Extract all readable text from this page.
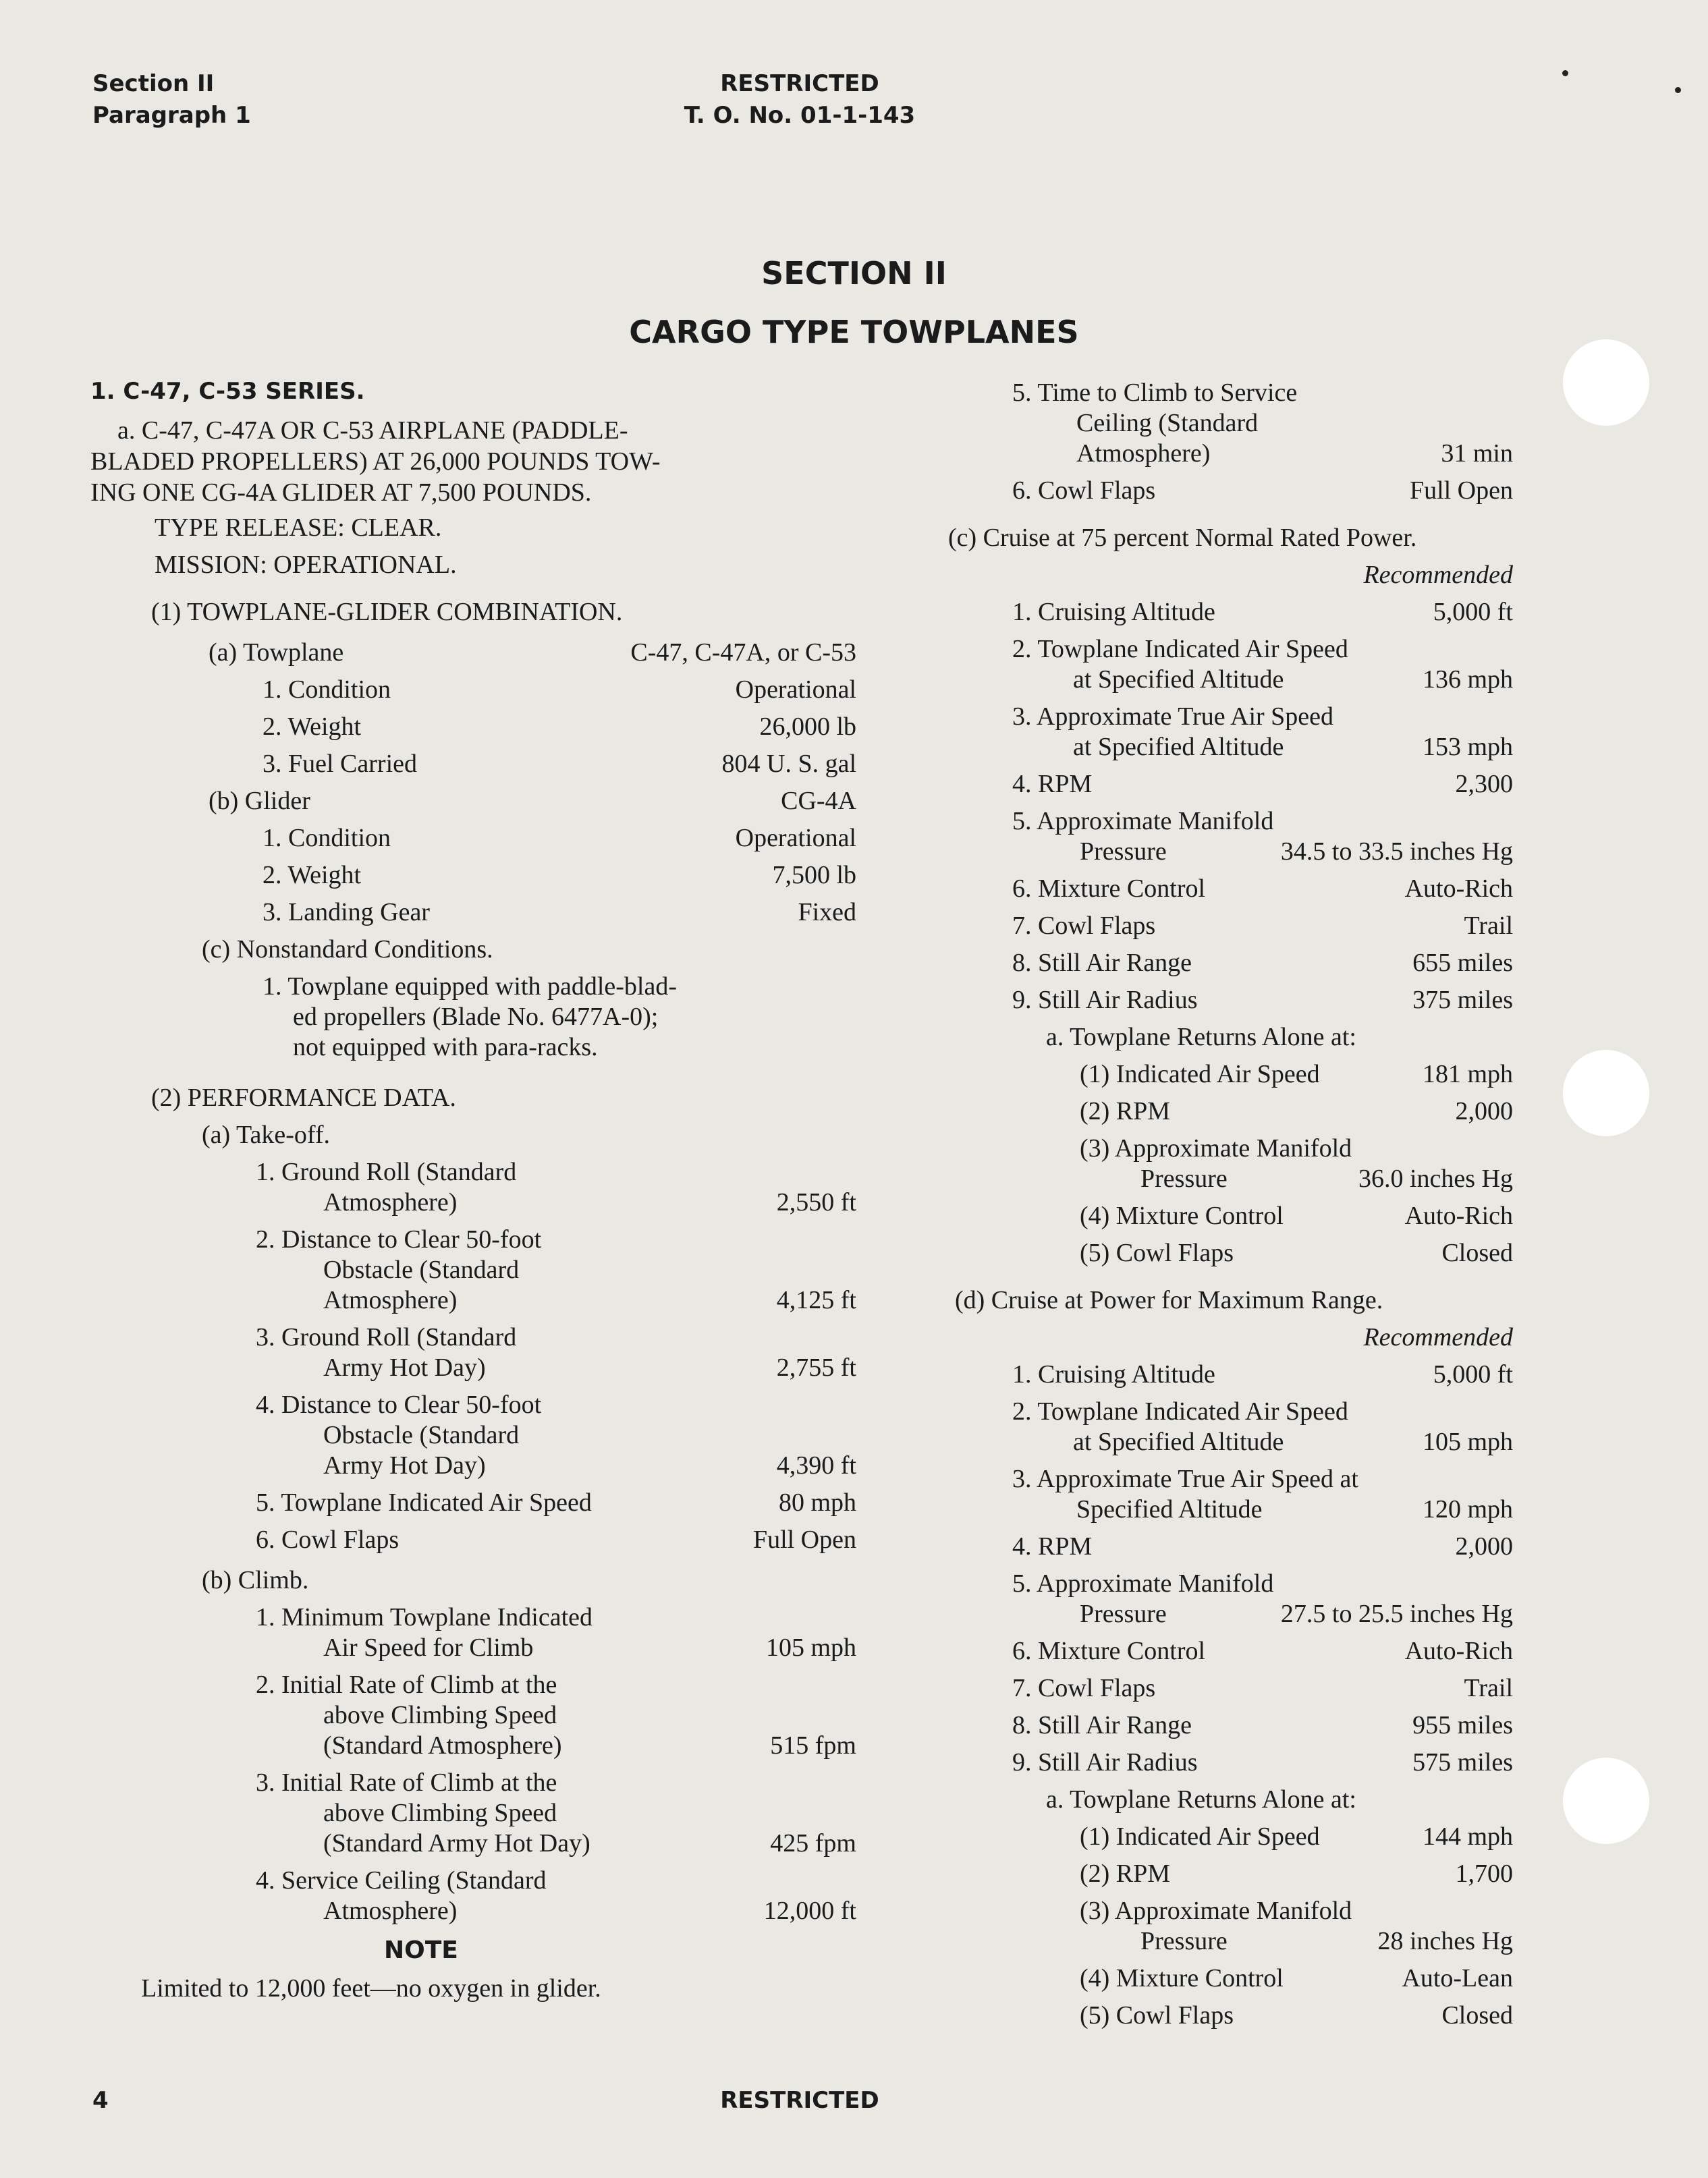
Section II
Paragraph 1
RESTRICTED
T. O. No. 01-1-143
SECTION II
CARGO TYPE TOWPLANES
1. C-47, C-53 SERIES.
a. C-47, C-47A OR C-53 AIRPLANE (PADDLE-
BLADED PROPELLERS) AT 26,000 POUNDS TOW-
ING ONE CG-4A GLIDER AT 7,500 POUNDS.
TYPE RELEASE: CLEAR.
MISSION: OPERATIONAL.
(1) TOWPLANE-GLIDER COMBINATION.
(a) Towplane	C-47, C-47A, or C-53
1. Condition	Operational
2. Weight	26,000 lb
3. Fuel Carried	804 U. S. gal
(b) Glider	CG-4A
1. Condition	Operational
2. Weight	7,500 lb
3. Landing Gear	Fixed
(c) Nonstandard Conditions.
1. Towplane equipped with paddle-blad-
ed propellers (Blade No. 6477A-0);
not equipped with para-racks.
(2) PERFORMANCE DATA.
(a) Take-off.
1. Ground Roll (Standard
Atmosphere)	2,550 ft
2. Distance to Clear 50-foot
Obstacle (Standard
Atmosphere)	4,125 ft
3. Ground Roll (Standard
Army Hot Day)	2,755 ft
4. Distance to Clear 50-foot
Obstacle (Standard
Army Hot Day)	4,390 ft
5. Towplane Indicated Air Speed	80 mph
6. Cowl Flaps	Full Open
(b) Climb.
1. Minimum Towplane Indicated
Air Speed for Climb	105 mph
2. Initial Rate of Climb at the
above Climbing Speed
(Standard Atmosphere)	515 fpm
3. Initial Rate of Climb at the
above Climbing Speed
(Standard Army Hot Day)	425 fpm
4. Service Ceiling (Standard
Atmosphere)	12,000 ft
NOTE
Limited to 12,000 feet—no oxygen in glider.
5. Time to Climb to Service
Ceiling (Standard
Atmosphere)	31 min
6. Cowl Flaps	Full Open
(c) Cruise at 75 percent Normal Rated Power.
Recommended
1. Cruising Altitude	5,000 ft
2. Towplane Indicated Air Speed
at Specified Altitude	136 mph
3. Approximate True Air Speed
at Specified Altitude	153 mph
4. RPM	2,300
5. Approximate Manifold
Pressure	34.5 to 33.5 inches Hg
6. Mixture Control	Auto-Rich
7. Cowl Flaps	Trail
8. Still Air Range	655 miles
9. Still Air Radius	375 miles
a. Towplane Returns Alone at:
(1) Indicated Air Speed	181 mph
(2) RPM	2,000
(3) Approximate Manifold
Pressure	36.0 inches Hg
(4) Mixture Control	Auto-Rich
(5) Cowl Flaps	Closed
(d) Cruise at Power for Maximum Range.
Recommended
1. Cruising Altitude	5,000 ft
2. Towplane Indicated Air Speed
at Specified Altitude	105 mph
3. Approximate True Air Speed at
Specified Altitude	120 mph
4. RPM	2,000
5. Approximate Manifold
Pressure	27.5 to 25.5 inches Hg
6. Mixture Control	Auto-Rich
7. Cowl Flaps	Trail
8. Still Air Range	955 miles
9. Still Air Radius	575 miles
a. Towplane Returns Alone at:
(1) Indicated Air Speed	144 mph
(2) RPM	1,700
(3) Approximate Manifold
Pressure	28 inches Hg
(4) Mixture Control	Auto-Lean
(5) Cowl Flaps	Closed
4	RESTRICTED
